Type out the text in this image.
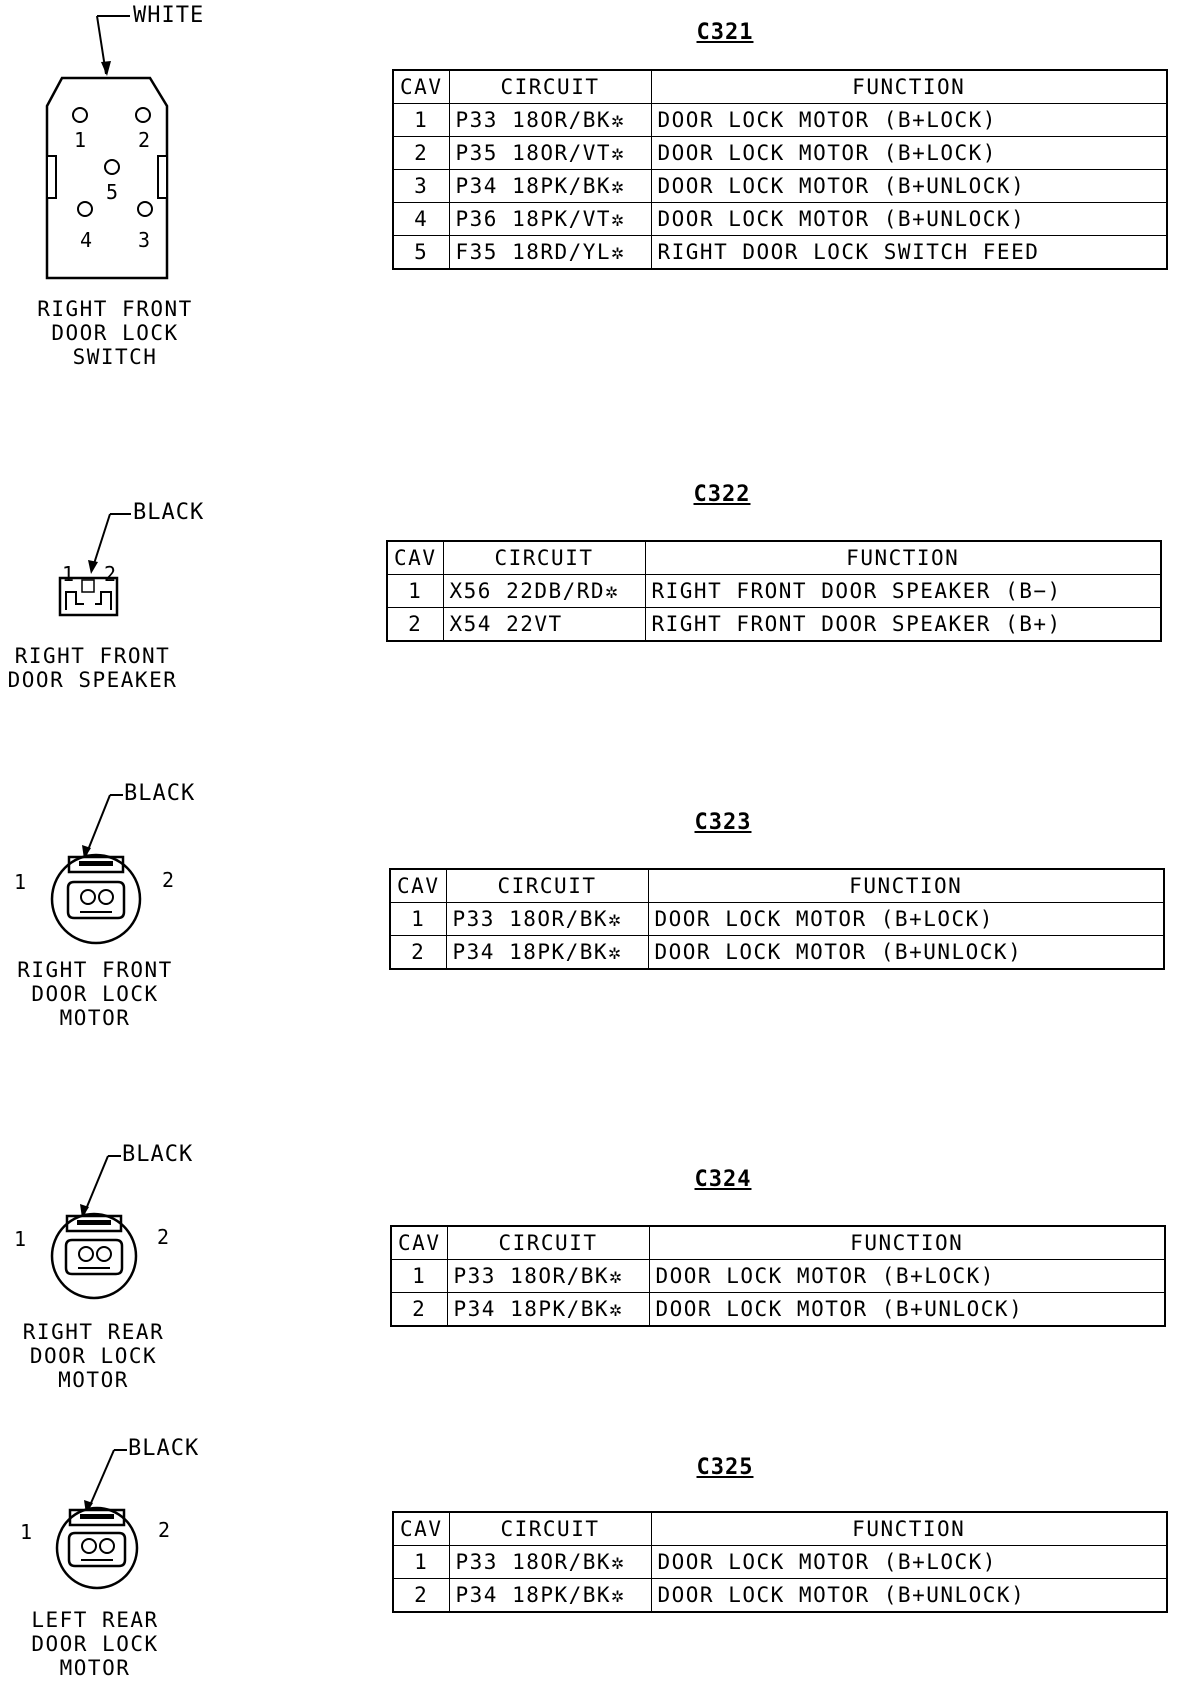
WHITE
1	2
5
4 3
RIGHT FRONT
DOOR LOCK
SWITCH
C321
CAV	CIRCUIT	FUNCTION
1	P33 18OR/BK✲	DOOR LOCK MOTOR (B+LOCK)
2	P35 18OR/VT✲	DOOR LOCK MOTOR (B+LOCK)
3	P34 18PK/BK✲	DOOR LOCK MOTOR (B+UNLOCK)
4	P36 18PK/VT✲	DOOR LOCK MOTOR (B+UNLOCK)
5	F35 18RD/YL✲	RIGHT DOOR LOCK SWITCH FEED
BLACK
1 2
RIGHT FRONT
DOOR SPEAKER
C322
CAV	CIRCUIT	FUNCTION
1	X56 22DB/RD✲	RIGHT FRONT DOOR SPEAKER (B−)
2	X54 22VT	RIGHT FRONT DOOR SPEAKER (B+)
BLACK
1	2
RIGHT FRONT
DOOR LOCK
MOTOR
C323
CAV	CIRCUIT	FUNCTION
1	P33 18OR/BK✲	DOOR LOCK MOTOR (B+LOCK)
2	P34 18PK/BK✲	DOOR LOCK MOTOR (B+UNLOCK)
BLACK
1	2
RIGHT REAR
DOOR LOCK
MOTOR
C324
CAV	CIRCUIT	FUNCTION
1	P33 18OR/BK✲	DOOR LOCK MOTOR (B+LOCK)
2	P34 18PK/BK✲	DOOR LOCK MOTOR (B+UNLOCK)
BLACK
1	2
LEFT REAR
DOOR LOCK
MOTOR
C325
CAV	CIRCUIT	FUNCTION
1	P33 18OR/BK✲	DOOR LOCK MOTOR (B+LOCK)
2	P34 18PK/BK✲	DOOR LOCK MOTOR (B+UNLOCK)
